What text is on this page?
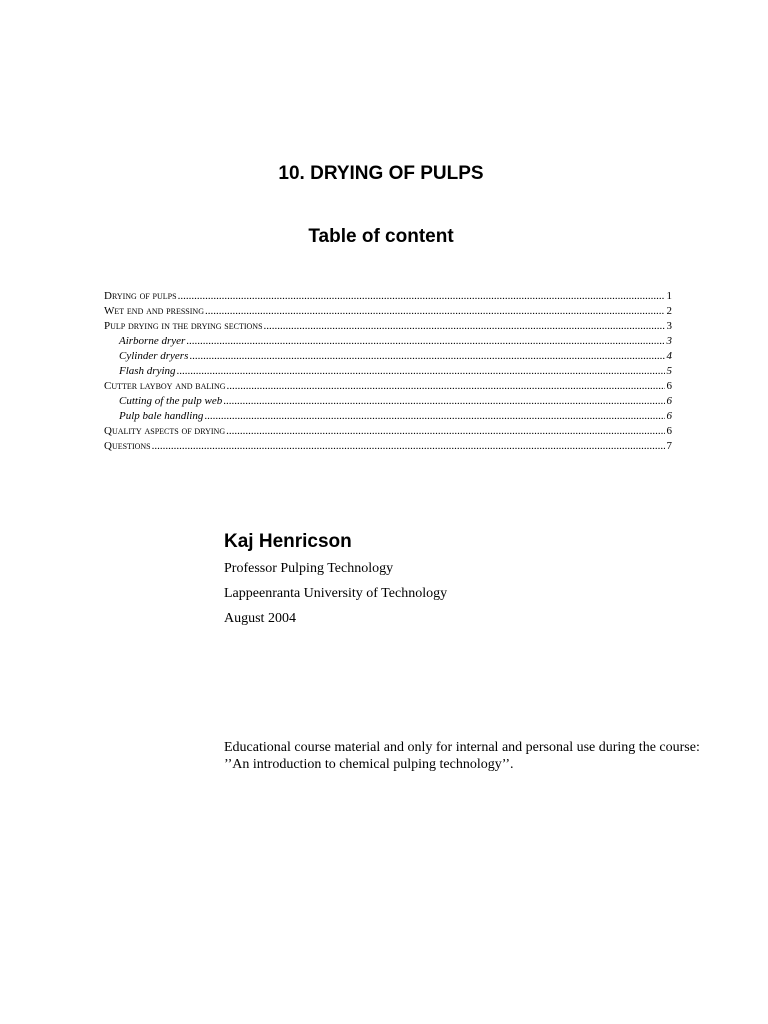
10. DRYING OF PULPS
Table of content
Drying of pulps .....	1
Wet end and pressing .....	2
Pulp drying in the drying sections .....	3
Airborne dryer .....	3
Cylinder dryers .....	4
Flash drying .....	5
Cutter layboy and baling .....	6
Cutting of the pulp web .....	6
Pulp bale handling .....	6
Quality aspects of drying .....	6
Questions .....	7

Kaj Henricson

Professor Pulping Technology

Lappeenranta University of Technology

August 2004

Educational course material and only for internal and personal use during the course: ’’An introduction to chemical pulping technology’’.
